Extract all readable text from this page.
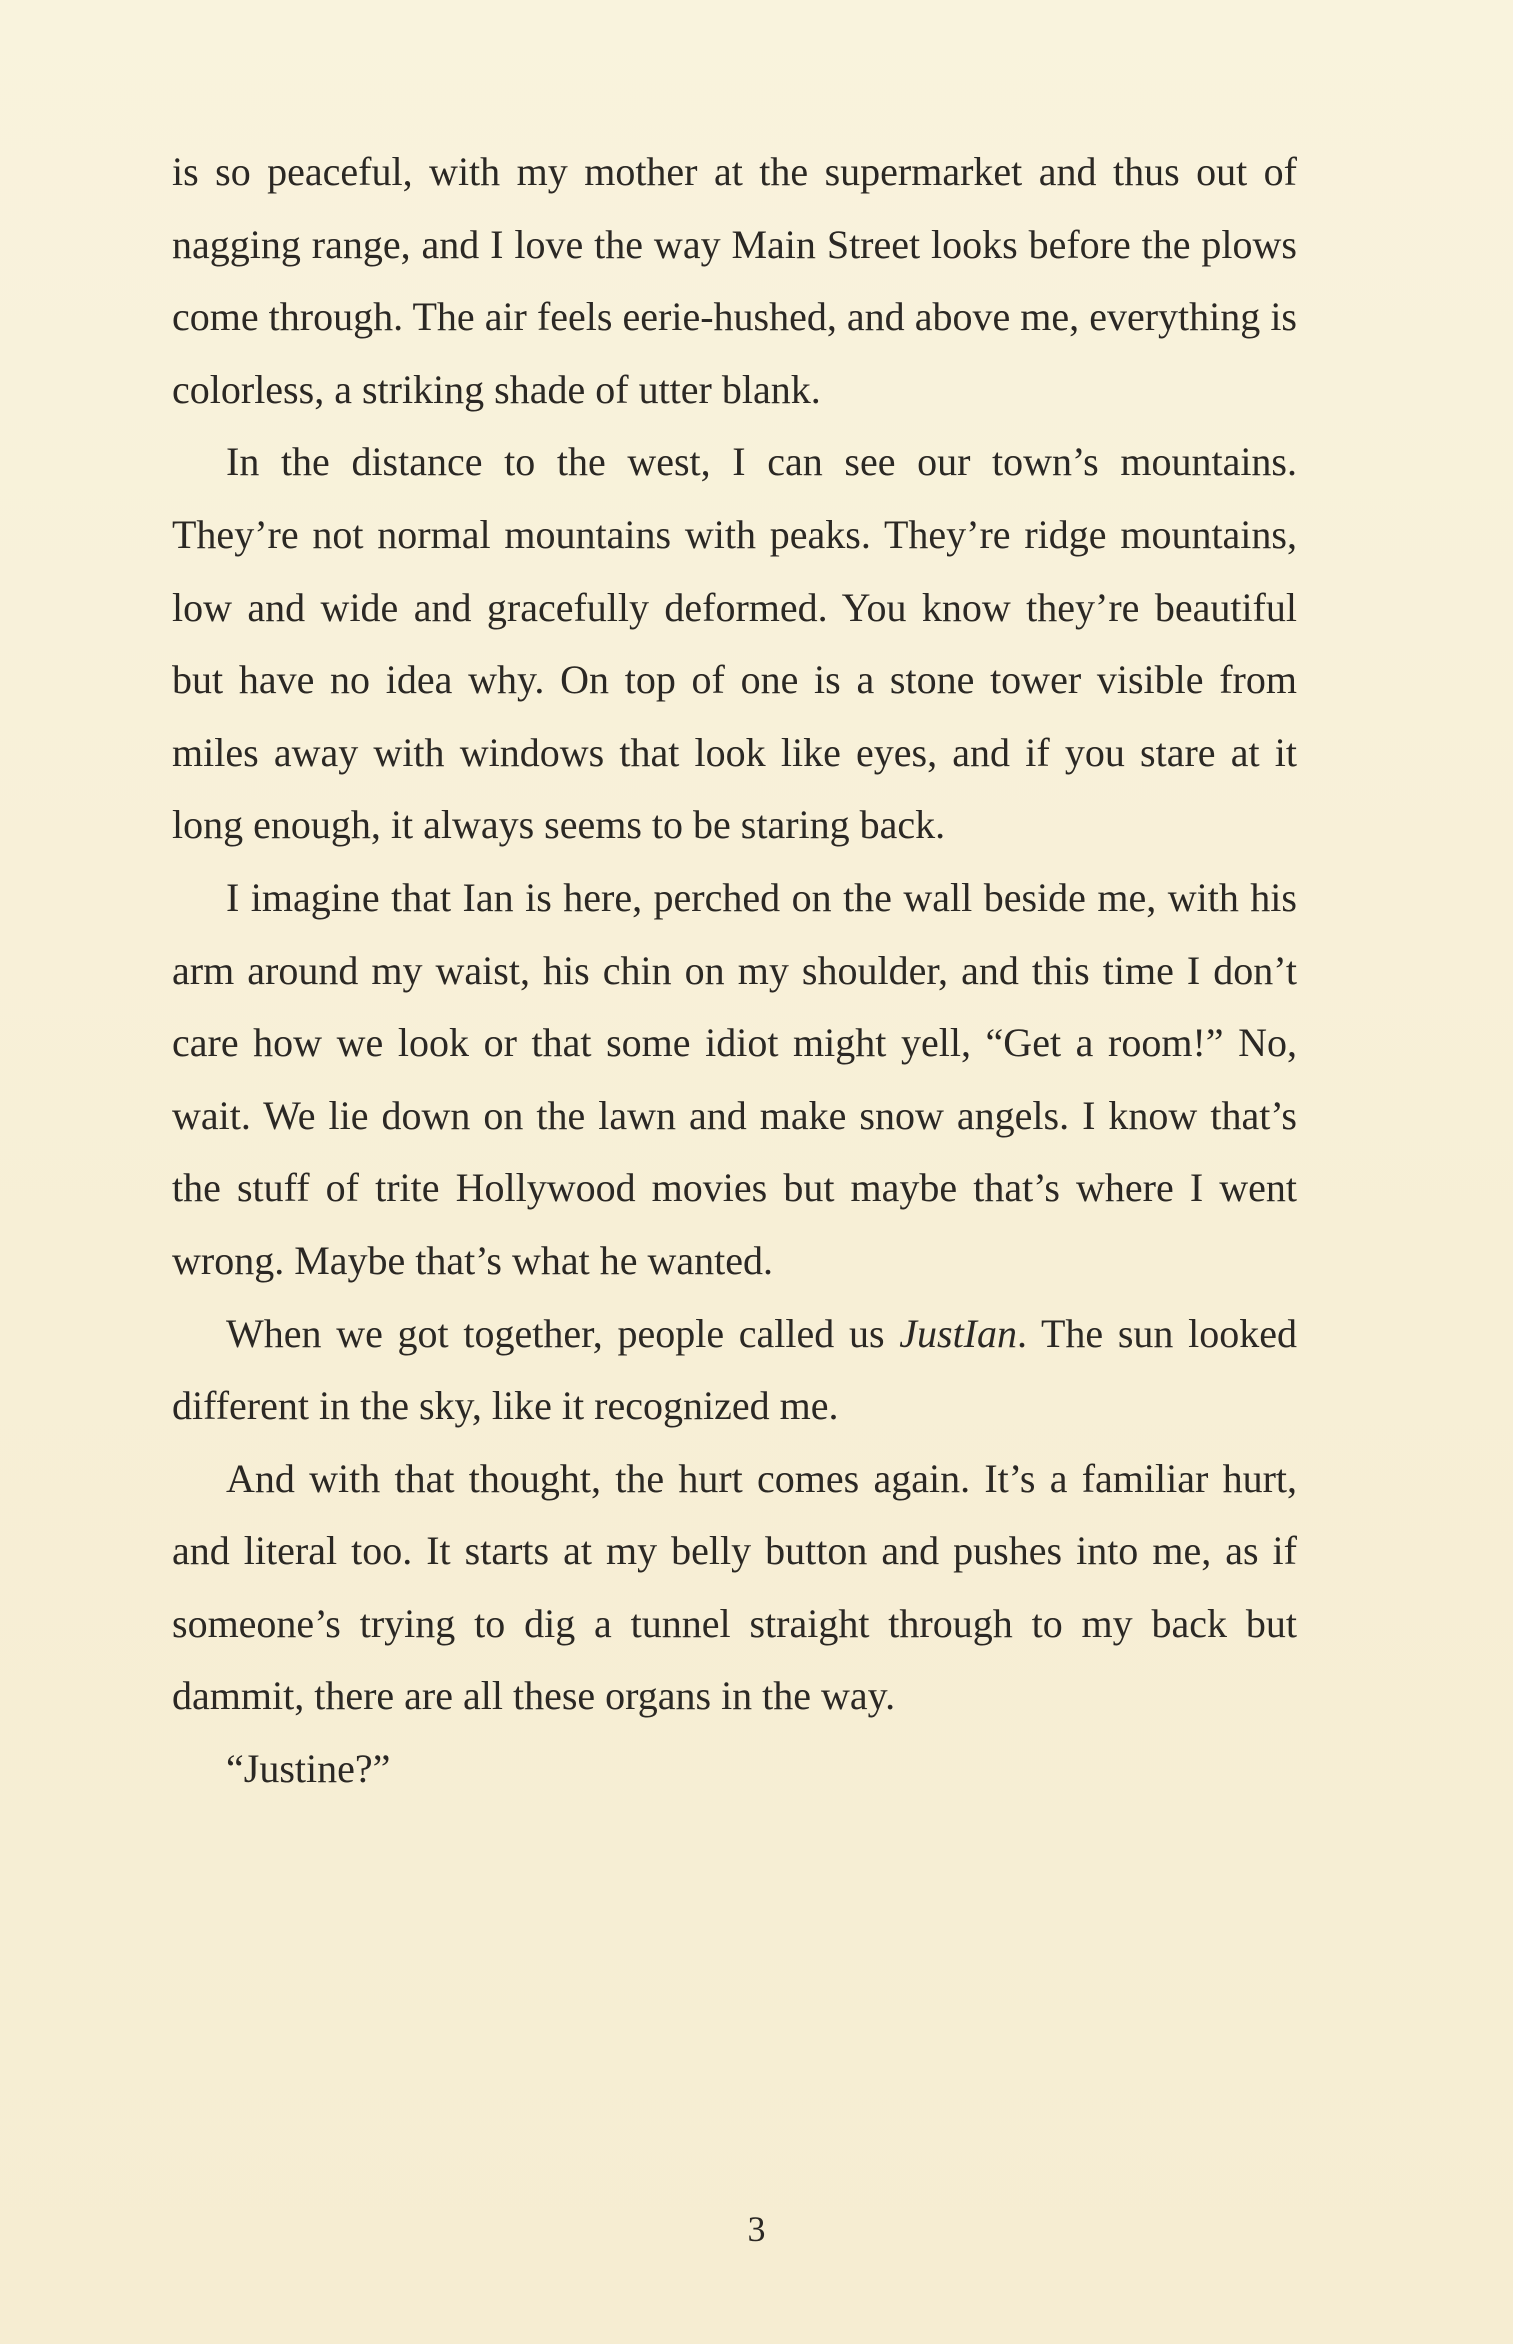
is so peaceful, with my mother at the supermarket and thus out of nagging range, and I love the way Main Street looks before the plows come through. The air feels eerie-hushed, and above me, everything is colorless, a striking shade of utter blank.

In the distance to the west, I can see our town’s mountains. They’re not normal mountains with peaks. They’re ridge mountains, low and wide and gracefully deformed. You know they’re beautiful but have no idea why. On top of one is a stone tower visible from miles away with windows that look like eyes, and if you stare at it long enough, it always seems to be staring back.

I imagine that Ian is here, perched on the wall beside me, with his arm around my waist, his chin on my shoulder, and this time I don’t care how we look or that some idiot might yell, “Get a room!” No, wait. We lie down on the lawn and make snow angels. I know that’s the stuff of trite Hollywood movies but maybe that’s where I went wrong. Maybe that’s what he wanted.

When we got together, people called us JustIan. The sun looked different in the sky, like it recognized me.

And with that thought, the hurt comes again. It’s a familiar hurt, and literal too. It starts at my belly button and pushes into me, as if someone’s trying to dig a tunnel straight through to my back but dammit, there are all these organs in the way.

“Justine?”

3
